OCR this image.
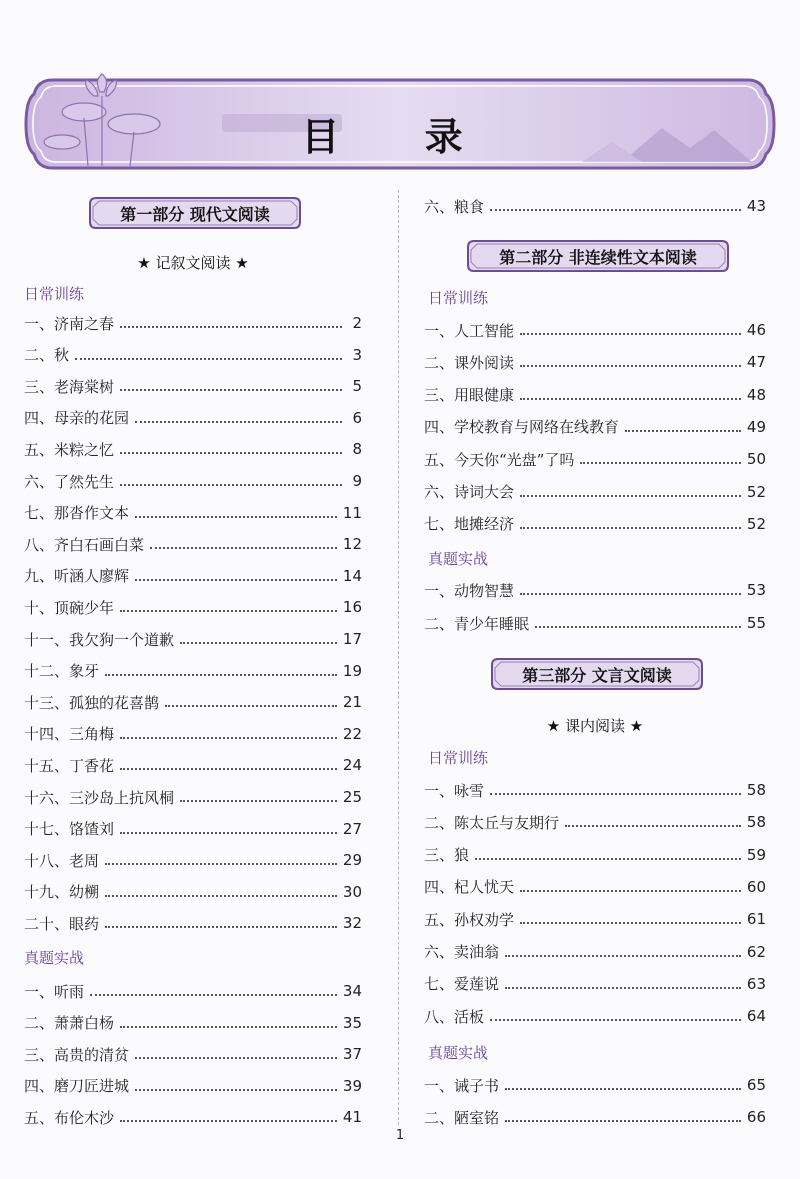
目 录
第一部分 现代文阅读
★ 记叙文阅读 ★
日常训练
一、济南之春	2
二、秋	3
三、老海棠树	5
四、母亲的花园	6
五、米粽之忆	8
六、了然先生	9
七、那沓作文本	11
八、齐白石画白菜	12
九、听涵人廖辉	14
十、顶碗少年	16
十一、我欠狗一个道歉	17
十二、象牙	19
十三、孤独的花喜鹊	21
十四、三角梅	22
十五、丁香花	24
十六、三沙岛上抗风桐	25
十七、饹馇刘	27
十八、老周	29
十九、幼㮶	30
二十、眼药	32
真题实战
一、听雨	34
二、萧萧白杨	35
三、高贵的清贫	37
四、磨刀匠进城	39
五、布伦木沙	41
六、粮食	43
第二部分 非连续性文本阅读
日常训练
一、人工智能	46
二、课外阅读	47
三、用眼健康	48
四、学校教育与网络在线教育	49
五、今天你“光盘”了吗	50
六、诗词大会	52
七、地摊经济	52
真题实战
一、动物智慧	53
二、青少年睡眠	55
第三部分 文言文阅读
★ 课内阅读 ★
日常训练
一、咏雪	58
二、陈太丘与友期行	58
三、狼	59
四、杞人忧天	60
五、孙权劝学	61
六、卖油翁	62
七、爱莲说	63
八、活板	64
真题实战
一、诫子书	65
二、陋室铭	66
1
